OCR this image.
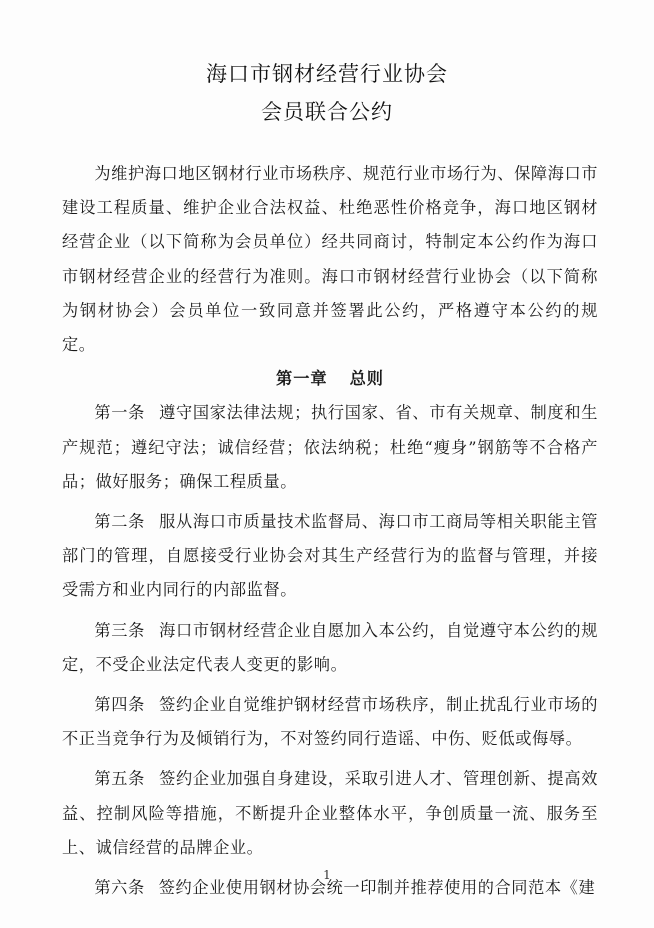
海口市钢材经营行业协会
会员联合公约

为维护海口地区钢材行业市场秩序、规范行业市场行为、保障海口市建设工程质量、维护企业合法权益、杜绝恶性价格竞争，海口地区钢材经营企业（以下简称为会员单位）经共同商讨，特制定本公约作为海口市钢材经营企业的经营行为准则。海口市钢材经营行业协会（以下简称为钢材协会）会员单位一致同意并签署此公约，严格遵守本公约的规定。

第一章 总则

第一条 遵守国家法律法规；执行国家、省、市有关规章、制度和生产规范；遵纪守法；诚信经营；依法纳税；杜绝“瘦身”钢筋等不合格产品；做好服务；确保工程质量。

第二条 服从海口市质量技术监督局、海口市工商局等相关职能主管部门的管理，自愿接受行业协会对其生产经营行为的监督与管理，并接受需方和业内同行的内部监督。

第三条 海口市钢材经营企业自愿加入本公约，自觉遵守本公约的规定，不受企业法定代表人变更的影响。

第四条 签约企业自觉维护钢材经营市场秩序，制止扰乱行业市场的不正当竞争行为及倾销行为，不对签约同行造谣、中伤、贬低或侮辱。

第五条 签约企业加强自身建设，采取引进人才、管理创新、提高效益、控制风险等措施，不断提升企业整体水平，争创质量一流、服务至上、诚信经营的品牌企业。

第六条 签约企业使用钢材协会统一印制并推荐使用的合同范本《建

1
